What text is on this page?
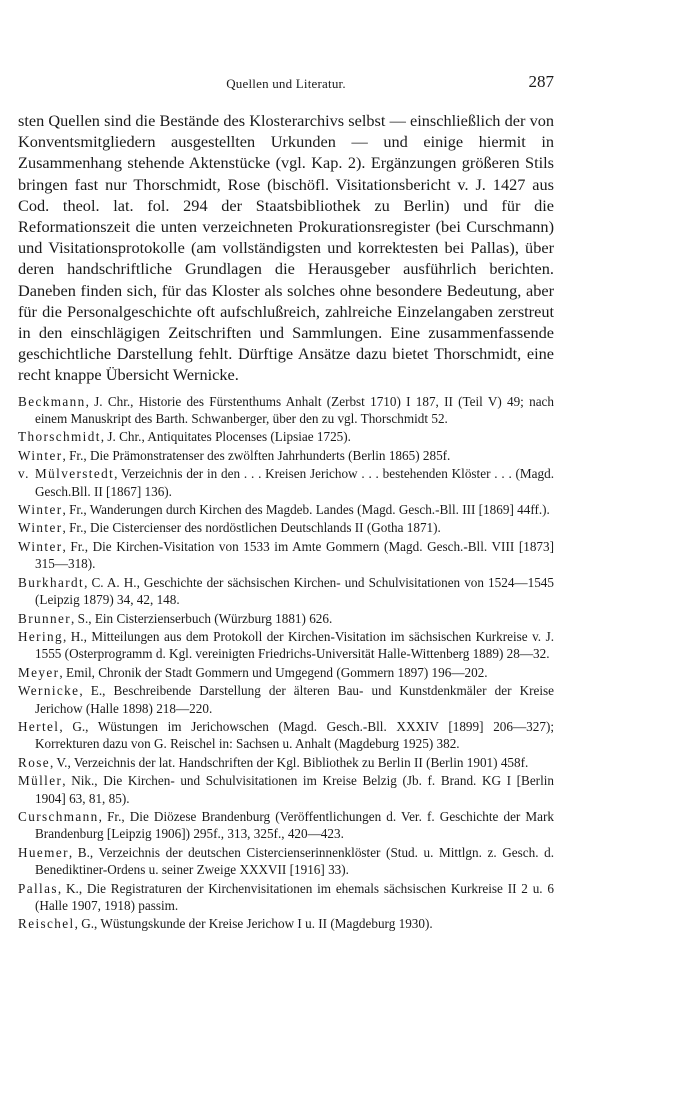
Quellen und Literatur.	287

sten Quellen sind die Bestände des Klosterarchivs selbst — einschließlich der von Konventsmitgliedern ausgestellten Urkunden — und einige hiermit in Zusammenhang stehende Aktenstücke (vgl. Kap. 2). Ergänzungen größeren Stils bringen fast nur Thorschmidt, Rose (bischöfl. Visitationsbericht v. J. 1427 aus Cod. theol. lat. fol. 294 der Staatsbibliothek zu Berlin) und für die Reformationszeit die unten verzeichneten Prokurationsregister (bei Curschmann) und Visitationsprotokolle (am vollständigsten und korrektesten bei Pallas), über deren handschriftliche Grundlagen die Herausgeber ausführlich berichten. Daneben finden sich, für das Kloster als solches ohne besondere Bedeutung, aber für die Personalgeschichte oft aufschlußreich, zahlreiche Einzelangaben zerstreut in den einschlägigen Zeitschriften und Sammlungen. Eine zusammenfassende geschichtliche Darstellung fehlt. Dürftige Ansätze dazu bietet Thorschmidt, eine recht knappe Übersicht Wernicke.

Beckmann, J. Chr., Historie des Fürstenthums Anhalt (Zerbst 1710) I 187, II (Teil V) 49; nach einem Manuskript des Barth. Schwanberger, über den zu vgl. Thorschmidt 52.
Thorschmidt, J. Chr., Antiquitates Plocenses (Lipsiae 1725).
Winter, Fr., Die Prämonstratenser des zwölften Jahrhunderts (Berlin 1865) 285f.
v. Mülverstedt, Verzeichnis der in den . . . Kreisen Jerichow . . . bestehenden Klöster . . . (Magd. Gesch.Bll. II [1867] 136).
Winter, Fr., Wanderungen durch Kirchen des Magdeb. Landes (Magd. Gesch.-Bll. III [1869] 44ff.).
Winter, Fr., Die Cistercienser des nordöstlichen Deutschlands II (Gotha 1871).
Winter, Fr., Die Kirchen-Visitation von 1533 im Amte Gommern (Magd. Gesch.-Bll. VIII [1873] 315—318).
Burkhardt, C. A. H., Geschichte der sächsischen Kirchen- und Schulvisitationen von 1524—1545 (Leipzig 1879) 34, 42, 148.
Brunner, S., Ein Cisterzienserbuch (Würzburg 1881) 626.
Hering, H., Mitteilungen aus dem Protokoll der Kirchen-Visitation im sächsischen Kurkreise v. J. 1555 (Osterprogramm d. Kgl. vereinigten Friedrichs-Universität Halle-Wittenberg 1889) 28—32.
Meyer, Emil, Chronik der Stadt Gommern und Umgegend (Gommern 1897) 196—202.
Wernicke, E., Beschreibende Darstellung der älteren Bau- und Kunstdenkmäler der Kreise Jerichow (Halle 1898) 218—220.
Hertel, G., Wüstungen im Jerichowschen (Magd. Gesch.-Bll. XXXIV [1899] 206—327); Korrekturen dazu von G. Reischel in: Sachsen u. Anhalt (Magdeburg 1925) 382.
Rose, V., Verzeichnis der lat. Handschriften der Kgl. Bibliothek zu Berlin II (Berlin 1901) 458f.
Müller, Nik., Die Kirchen- und Schulvisitationen im Kreise Belzig (Jb. f. Brand. KG I [Berlin 1904] 63, 81, 85).
Curschmann, Fr., Die Diözese Brandenburg (Veröffentlichungen d. Ver. f. Geschichte der Mark Brandenburg [Leipzig 1906]) 295f., 313, 325f., 420—423.
Huemer, B., Verzeichnis der deutschen Cistercienserinnenklöster (Stud. u. Mittlgn. z. Gesch. d. Benediktiner-Ordens u. seiner Zweige XXXVII [1916] 33).
Pallas, K., Die Registraturen der Kirchenvisitationen im ehemals sächsischen Kurkreise II 2 u. 6 (Halle 1907, 1918) passim.
Reischel, G., Wüstungskunde der Kreise Jerichow I u. II (Magdeburg 1930).
